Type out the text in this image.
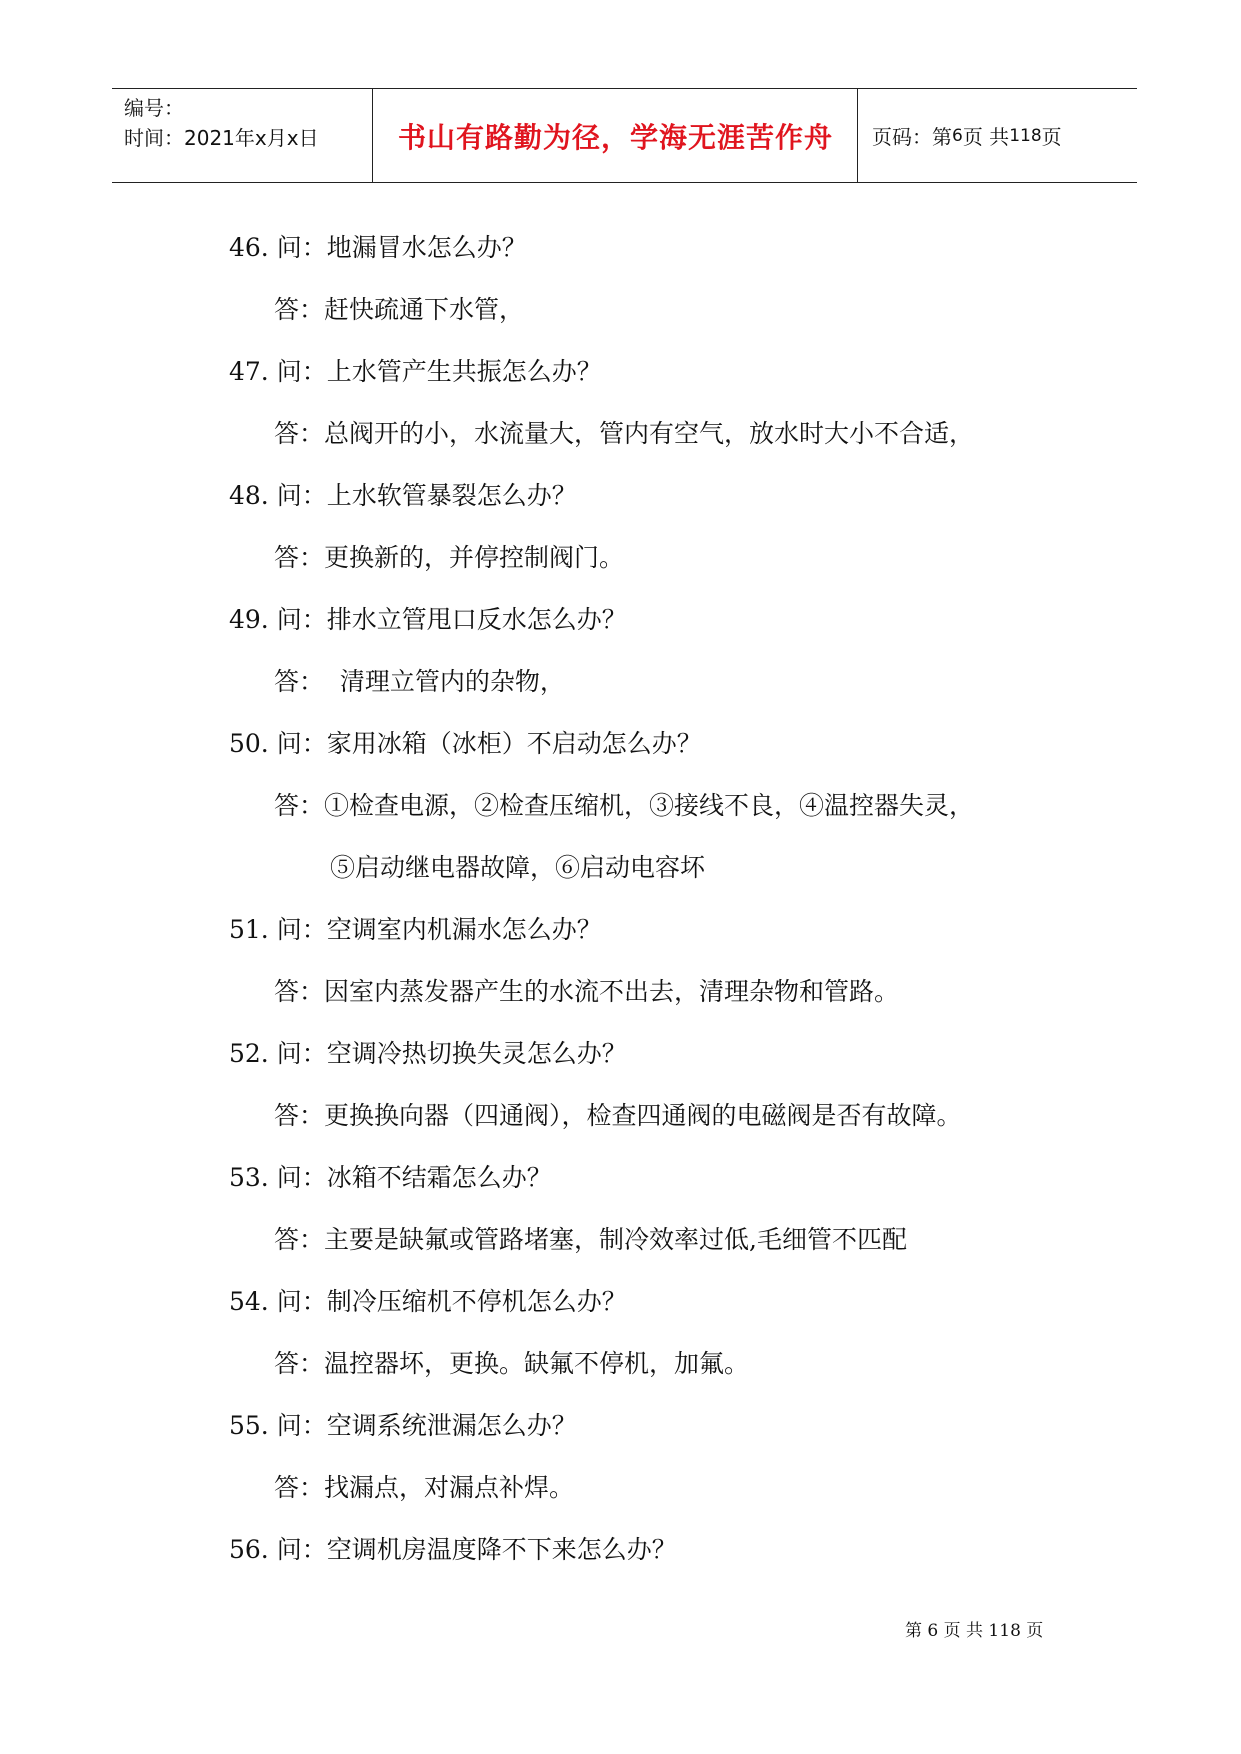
编号：
时间：2021年x月x日	书山有路勤为径，学海无涯苦作舟	页码：第 6 页 共 118 页
46. 问：地漏冒水怎么办？
答：赶快疏通下水管，
47. 问：上水管产生共振怎么办？
答：总阀开的小，水流量大，管内有空气，放水时大小不合适，
48. 问：上水软管暴裂怎么办？
答：更换新的，并停控制阀门。
49. 问：排水立管甩口反水怎么办？
答：  清理立管内的杂物，
50. 问：家用冰箱（冰柜）不启动怎么办？
答：①检查电源，②检查压缩机，③接线不良，④温控器失灵，
⑤启动继电器故障，⑥启动电容坏
51. 问：空调室内机漏水怎么办？
答：因室内蒸发器产生的水流不出去，清理杂物和管路。
52. 问：空调冷热切换失灵怎么办？
答：更换换向器（四通阀），检查四通阀的电磁阀是否有故障。
53. 问：冰箱不结霜怎么办？
答：主要是缺氟或管路堵塞，制冷效率过低,毛细管不匹配
54. 问：制冷压缩机不停机怎么办？
答：温控器坏，更换。缺氟不停机，加氟。
55. 问：空调系统泄漏怎么办？
答：找漏点，对漏点补焊。
56. 问：空调机房温度降不下来怎么办？
第 6 页 共 118 页
